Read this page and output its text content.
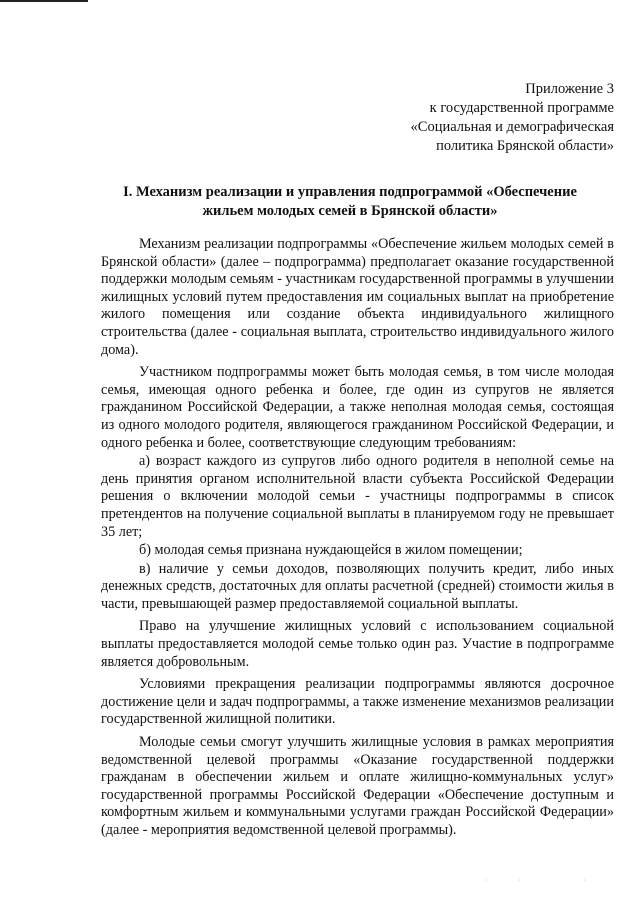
Приложение 3
к государственной программе
«Социальная и демографическая
политика Брянской области»
I. Механизм реализации и управления подпрограммой «Обеспечение
жильем молодых семей в Брянской области»

Механизм реализации подпрограммы «Обеспечение жильем молодых семей в Брянской области» (далее – подпрограмма) предполагает оказание государственной поддержки молодым семьям - участникам государственной программы в улучшении жилищных условий путем предоставления им социальных выплат на приобретение жилого помещения или создание объекта индивидуального жилищного строительства (далее - социальная выплата, строительство индивидуального жилого дома).

Участником подпрограммы может быть молодая семья, в том числе молодая семья, имеющая одного ребенка и более, где один из супругов не является гражданином Российской Федерации, а также неполная молодая семья, состоящая из одного молодого родителя, являющегося гражданином Российской Федерации, и одного ребенка и более, соответствующие следующим требованиям:

а) возраст каждого из супругов либо одного родителя в неполной семье на день принятия органом исполнительной власти субъекта Российской Федерации решения о включении молодой семьи - участницы подпрограммы в список претендентов на получение социальной выплаты в планируемом году не превышает 35 лет;

б) молодая семья признана нуждающейся в жилом помещении;

в) наличие у семьи доходов, позволяющих получить кредит, либо иных денежных средств, достаточных для оплаты расчетной (средней) стоимости жилья в части, превышающей размер предоставляемой социальной выплаты.

Право на улучшение жилищных условий с использованием социальной выплаты предоставляется молодой семье только один раз. Участие в подпрограмме является добровольным.

Условиями прекращения реализации подпрограммы являются досрочное достижение цели и задач подпрограммы, а также изменение механизмов реализации государственной жилищной политики.

Молодые семьи смогут улучшить жилищные условия в рамках мероприятия ведомственной целевой программы «Оказание государственной поддержки гражданам в обеспечении жильем и оплате жилищно-коммунальных услуг» государственной программы Российской Федерации «Обеспечение доступным и комфортным жильем и коммунальными услугами граждан Российской Федерации» (далее - мероприятия ведомственной целевой программы).

· · · ·
